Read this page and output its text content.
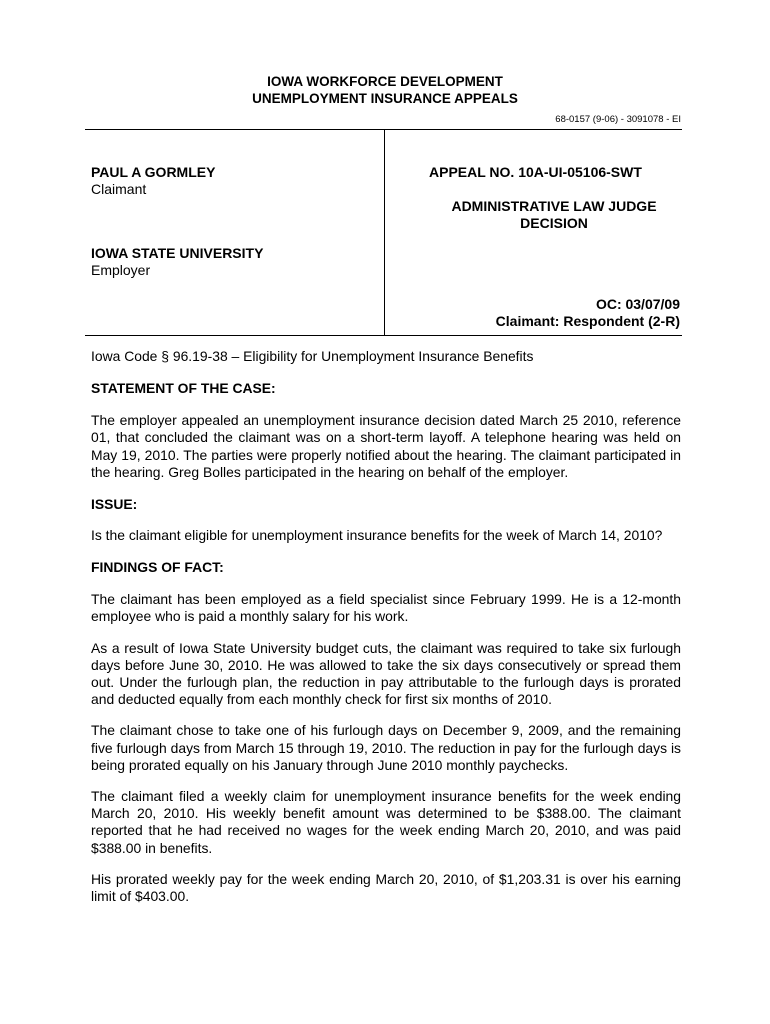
IOWA WORKFORCE DEVELOPMENT
UNEMPLOYMENT INSURANCE APPEALS
68-0157 (9-06) - 3091078 - EI
PAUL A GORMLEY
Claimant
IOWA STATE UNIVERSITY
Employer
APPEAL NO. 10A-UI-05106-SWT
ADMINISTRATIVE LAW JUDGE
DECISION
OC: 03/07/09
Claimant: Respondent (2-R)

Iowa Code § 96.19-38 – Eligibility for Unemployment Insurance Benefits

STATEMENT OF THE CASE:

The employer appealed an unemployment insurance decision dated March 25 2010, reference 01, that concluded the claimant was on a short-term layoff. A telephone hearing was held on May 19, 2010. The parties were properly notified about the hearing. The claimant participated in the hearing. Greg Bolles participated in the hearing on behalf of the employer.

ISSUE:

Is the claimant eligible for unemployment insurance benefits for the week of March 14, 2010?

FINDINGS OF FACT:

The claimant has been employed as a field specialist since February 1999. He is a 12-month employee who is paid a monthly salary for his work.

As a result of Iowa State University budget cuts, the claimant was required to take six furlough days before June 30, 2010. He was allowed to take the six days consecutively or spread them out. Under the furlough plan, the reduction in pay attributable to the furlough days is prorated and deducted equally from each monthly check for first six months of 2010.

The claimant chose to take one of his furlough days on December 9, 2009, and the remaining five furlough days from March 15 through 19, 2010. The reduction in pay for the furlough days is being prorated equally on his January through June 2010 monthly paychecks.

The claimant filed a weekly claim for unemployment insurance benefits for the week ending March 20, 2010. His weekly benefit amount was determined to be $388.00. The claimant reported that he had received no wages for the week ending March 20, 2010, and was paid $388.00 in benefits.

His prorated weekly pay for the week ending March 20, 2010, of $1,203.31 is over his earning limit of $403.00.
